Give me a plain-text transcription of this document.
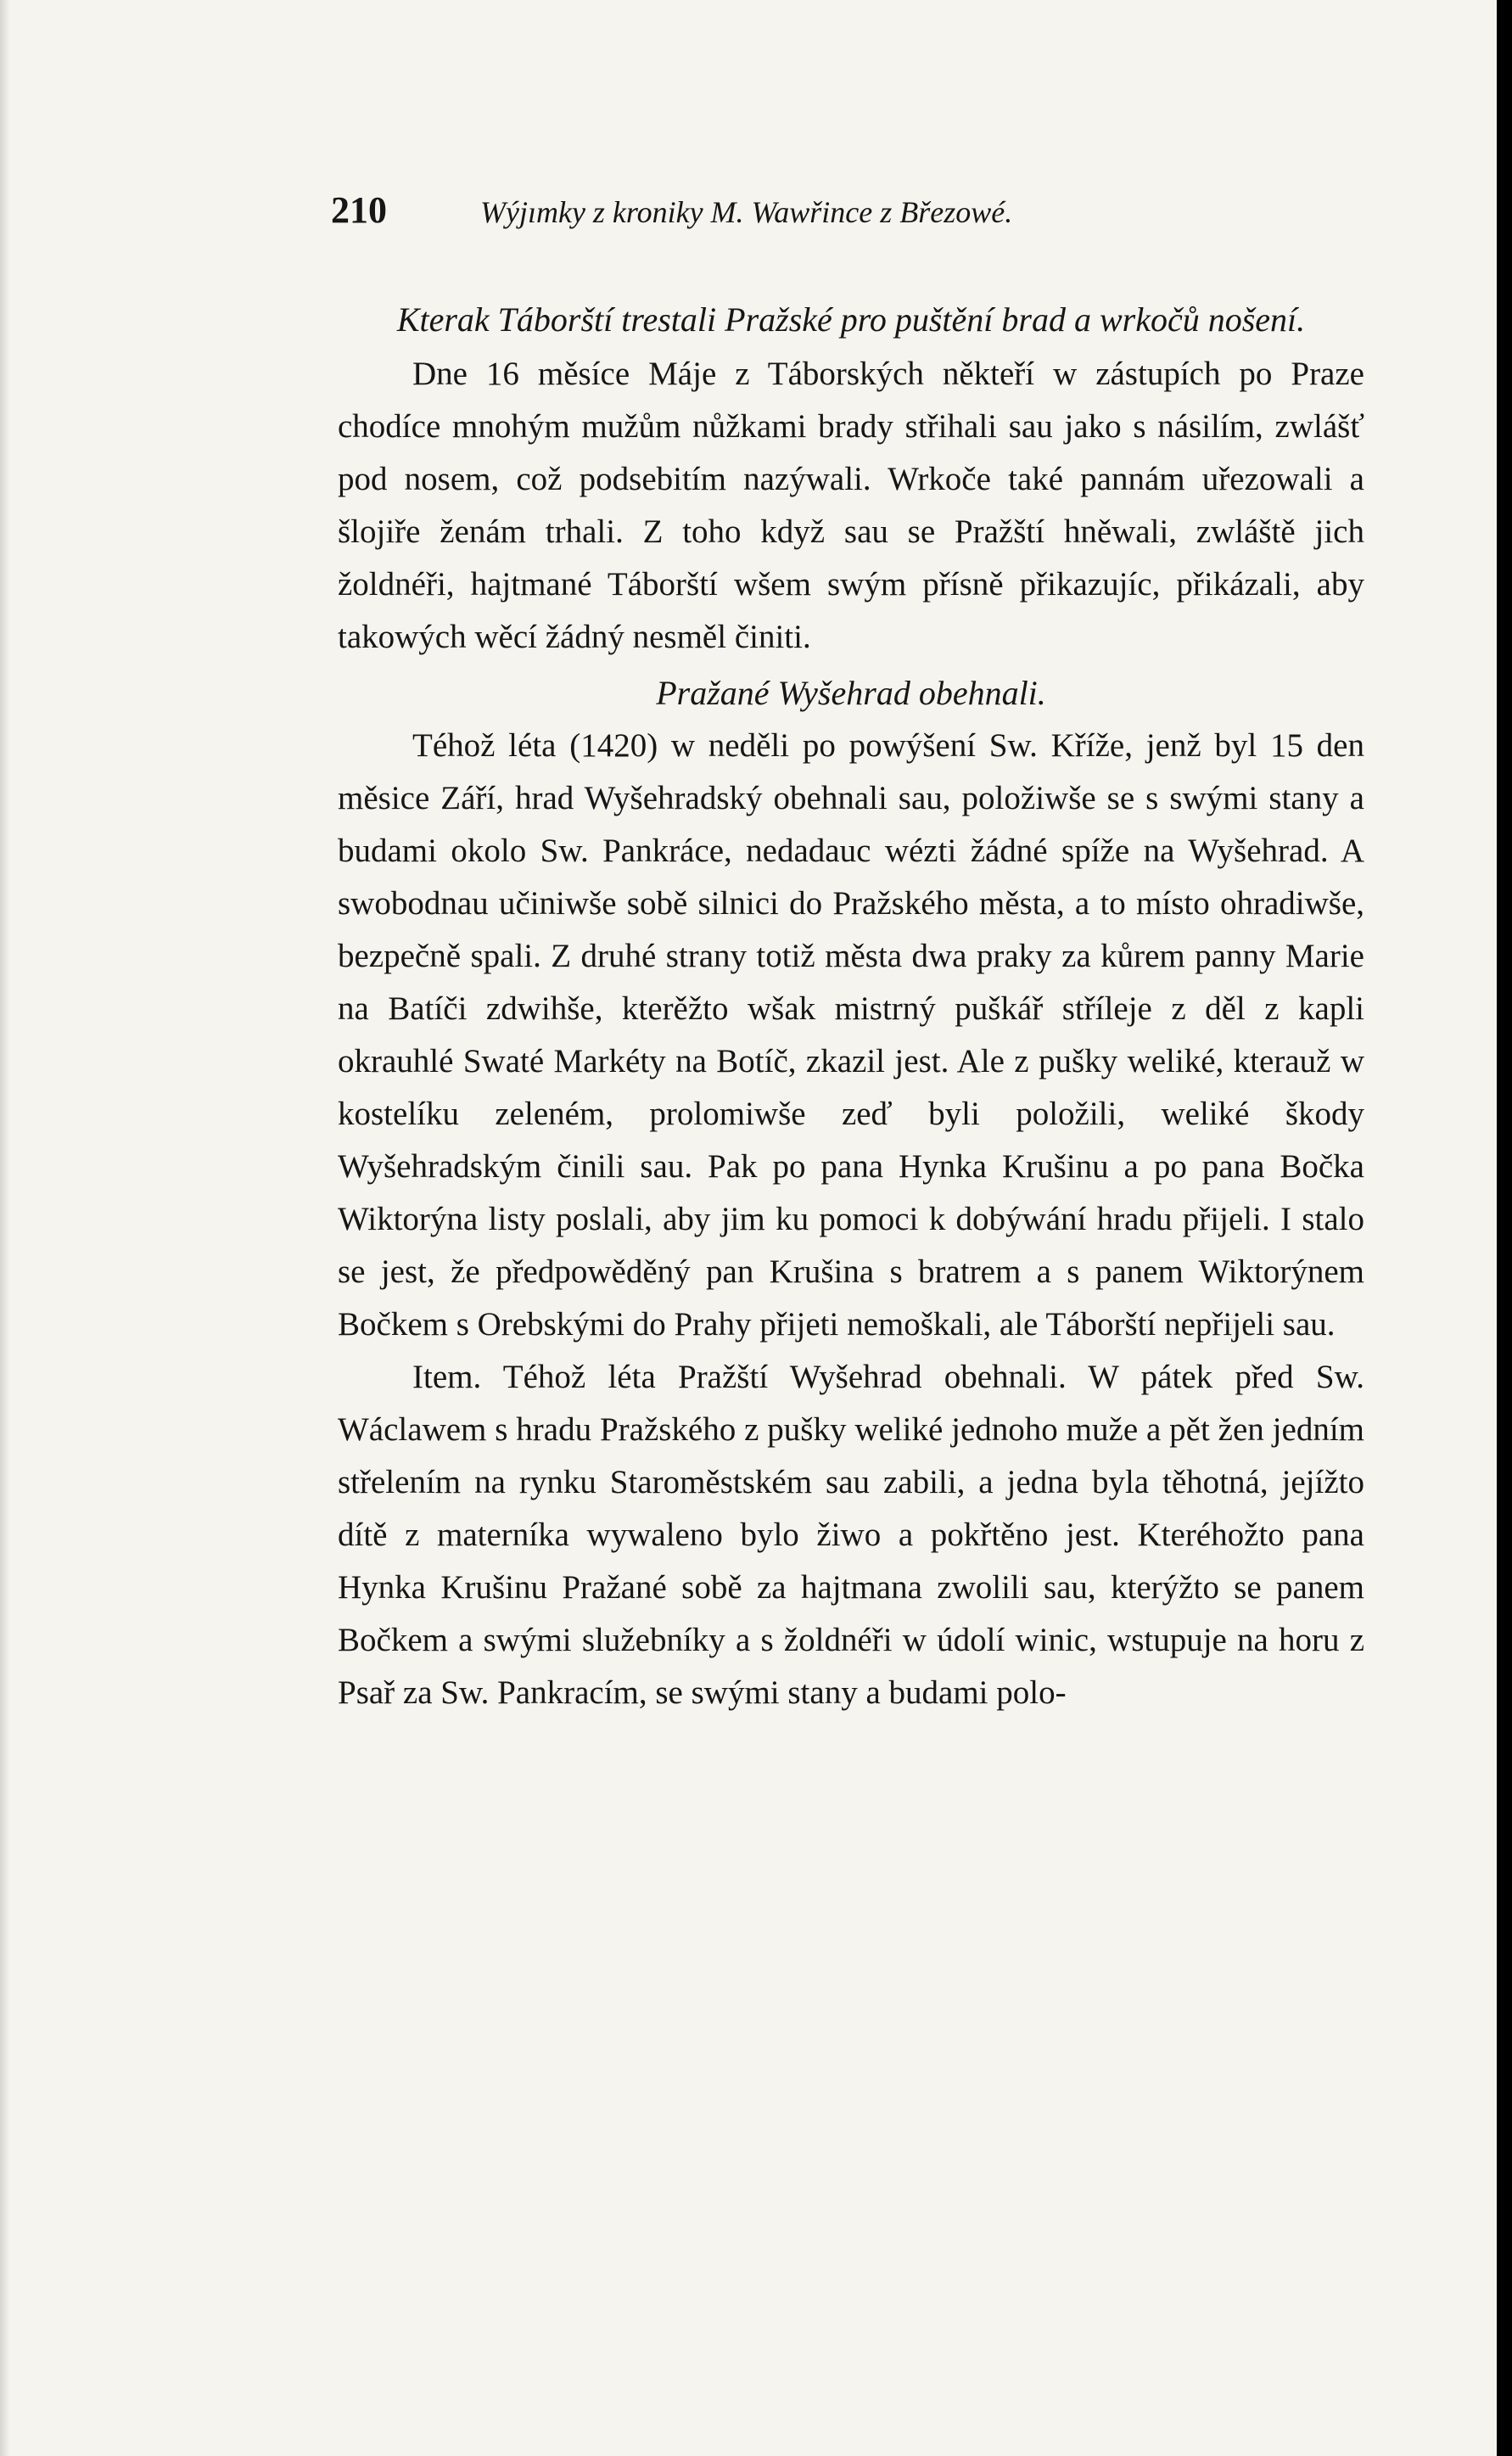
210	Wýjımky z kroniky M. Wawřince z Březowé.
Kterak Táborští trestali Pražské pro puštění brad a wrkočů nošení.

Dne 16 měsíce Máje z Táborských někteří w zástupích po Praze chodíce mnohým mužům nůžkami brady střihali sau jako s násilím, zwlášť pod nosem, což podsebitím nazýwali. Wrkoče také pannám uřezowali a šlojiře ženám trhali. Z toho když sau se Pražští hněwali, zwláště jich žoldnéři, hajtmané Táborští wšem swým přísně přikazujíc, přikázali, aby takowých wěcí žádný nesměl činiti.

Pražané Wyšehrad obehnali.

Téhož léta (1420) w neděli po powýšení Sw. Kříže, jenž byl 15 den měsice Září, hrad Wyšehradský obehnali sau, položiwše se s swými stany a budami okolo Sw. Pankráce, nedadauc wézti žádné spíže na Wyšehrad. A swobodnau učiniwše sobě silnici do Pražského města, a to místo ohradiwše, bezpečně spali. Z druhé strany totiž města dwa praky za kůrem panny Marie na Batíči zdwihše, kterěžto wšak mistrný puškář střílejе z děl z kapli okrauhlé Swaté Markéty na Botíč, zkazil jest. Ale z pušky weliké, kterauž w kostelíku zeleném, prolomiwše zeď byli položili, weliké škody Wyšehradským činili sau. Pak po pana Hynka Krušinu a po pana Bočka Wiktorýna listy poslali, aby jim ku pomoci k dobýwání hradu přijeli. I stalo se jest, že předpowěděný pan Krušina s bratrem a s panem Wiktorýnem Bočkem s Orebskými do Prahy přijeti nemoškali, ale Táborští nepřijeli sau.

Item. Téhož léta Pražští Wyšehrad obehnali. W pátek před Sw. Wáclawem s hradu Pražského z pušky weliké jednoho muže a pět žen jedním střelením na rynku Staroměstském sau zabili, a jedna byla těhotná, jejížto dítě z materníka wywaleno bylo žiwo a pokřtěno jest. Kteréhožto pana Hynka Krušinu Pražané sobě za hajtmana zwolili sau, kterýžto se panem Bočkem a swými služebníky a s žoldnéři w údolí winic, wstupuje na horu z Psař za Sw. Pankracím, se swými stany a budami polo-
